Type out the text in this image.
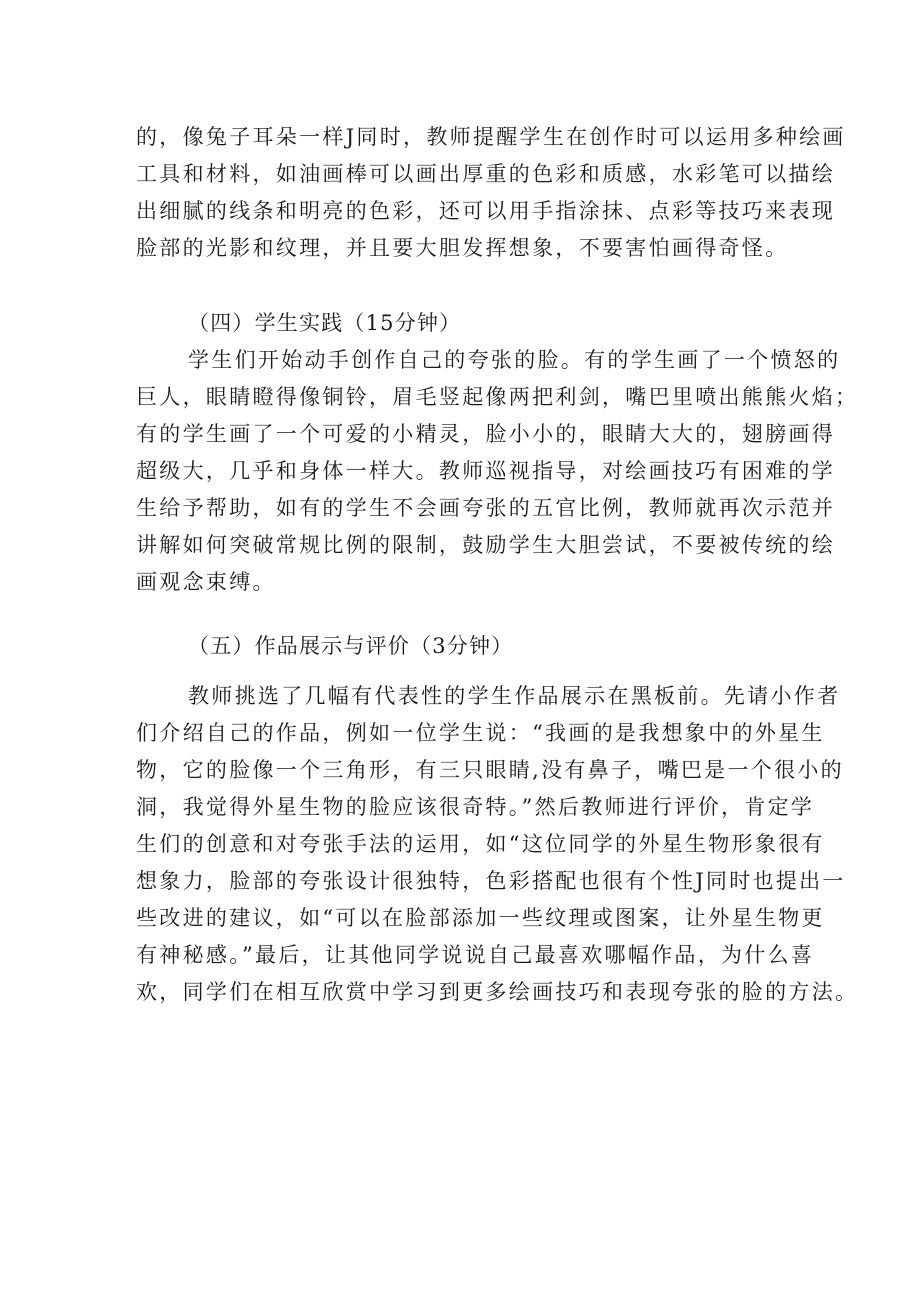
的，像兔子耳朵一样J同时，教师提醒学生在创作时可以运用多种绘画
工具和材料，如油画棒可以画出厚重的色彩和质感，水彩笔可以描绘
出细腻的线条和明亮的色彩，还可以用手指涂抹、点彩等技巧来表现
脸部的光影和纹理，并且要大胆发挥想象，不要害怕画得奇怪。
（四）学生实践（15分钟）
学生们开始动手创作自己的夸张的脸。有的学生画了一个愤怒的
巨人，眼睛瞪得像铜铃，眉毛竖起像两把利剑，嘴巴里喷出熊熊火焰；
有的学生画了一个可爱的小精灵，脸小小的，眼睛大大的，翅膀画得
超级大，几乎和身体一样大。教师巡视指导，对绘画技巧有困难的学
生给予帮助，如有的学生不会画夸张的五官比例，教师就再次示范并
讲解如何突破常规比例的限制，鼓励学生大胆尝试，不要被传统的绘
画观念束缚。
（五）作品展示与评价（3分钟）
教师挑选了几幅有代表性的学生作品展示在黑板前。先请小作者
们介绍自己的作品，例如一位学生说：“我画的是我想象中的外星生
物，它的脸像一个三角形，有三只眼睛,没有鼻子，嘴巴是一个很小的
洞，我觉得外星生物的脸应该很奇特。”然后教师进行评价，肯定学
生们的创意和对夸张手法的运用，如“这位同学的外星生物形象很有
想象力，脸部的夸张设计很独特，色彩搭配也很有个性J同时也提出一
些改进的建议，如“可以在脸部添加一些纹理或图案，让外星生物更
有神秘感。”最后，让其他同学说说自己最喜欢哪幅作品，为什么喜
欢，同学们在相互欣赏中学习到更多绘画技巧和表现夸张的脸的方法。
